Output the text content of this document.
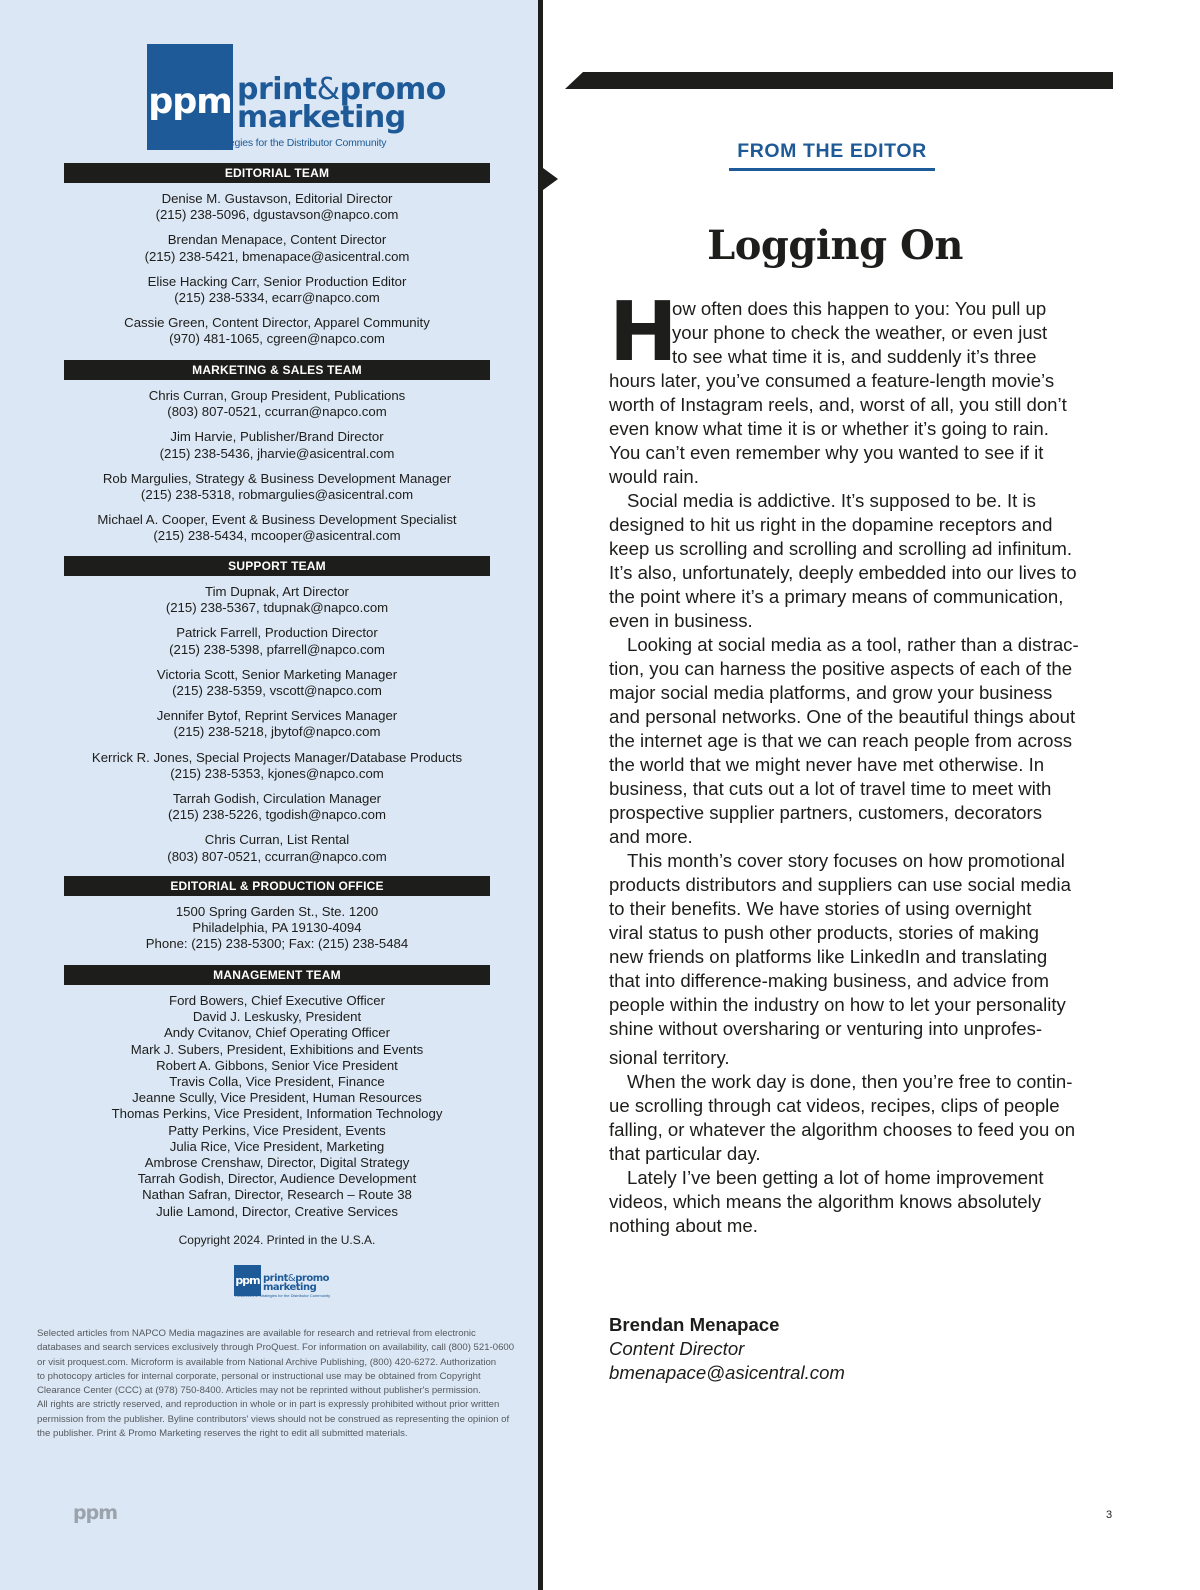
ppm print&promo
marketing
Resources & Strategies for the Distributor Community
EDITORIAL TEAM
Denise M. Gustavson, Editorial Director
(215) 238-5096, dgustavson@napco.com
Brendan Menapace, Content Director
(215) 238-5421, bmenapace@asicentral.com
Elise Hacking Carr, Senior Production Editor
(215) 238-5334, ecarr@napco.com
Cassie Green, Content Director, Apparel Community
(970) 481-1065, cgreen@napco.com
MARKETING & SALES TEAM
Chris Curran, Group President, Publications
(803) 807-0521, ccurran@napco.com
Jim Harvie, Publisher/Brand Director
(215) 238-5436, jharvie@asicentral.com
Rob Margulies, Strategy & Business Development Manager
(215) 238-5318, robmargulies@asicentral.com
Michael A. Cooper, Event & Business Development Specialist
(215) 238-5434, mcooper@asicentral.com
SUPPORT TEAM
Tim Dupnak, Art Director
(215) 238-5367, tdupnak@napco.com
Patrick Farrell, Production Director
(215) 238-5398, pfarrell@napco.com
Victoria Scott, Senior Marketing Manager
(215) 238-5359, vscott@napco.com
Jennifer Bytof, Reprint Services Manager
(215) 238-5218, jbytof@napco.com
Kerrick R. Jones, Special Projects Manager/Database Products
(215) 238-5353, kjones@napco.com
Tarrah Godish, Circulation Manager
(215) 238-5226, tgodish@napco.com
Chris Curran, List Rental
(803) 807-0521, ccurran@napco.com
EDITORIAL & PRODUCTION OFFICE
1500 Spring Garden St., Ste. 1200
Philadelphia, PA 19130-4094
Phone: (215) 238-5300; Fax: (215) 238-5484
MANAGEMENT TEAM
Ford Bowers, Chief Executive Officer
David J. Leskusky, President
Andy Cvitanov, Chief Operating Officer
Mark J. Subers, President, Exhibitions and Events
Robert A. Gibbons, Senior Vice President
Travis Colla, Vice President, Finance
Jeanne Scully, Vice President, Human Resources
Thomas Perkins, Vice President, Information Technology
Patty Perkins, Vice President, Events
Julia Rice, Vice President, Marketing
Ambrose Crenshaw, Director, Digital Strategy
Tarrah Godish, Director, Audience Development
Nathan Safran, Director, Research – Route 38
Julie Lamond, Director, Creative Services
Copyright 2024. Printed in the U.S.A.
ppm print&promo
marketing
Resources & Strategies for the Distributor Community
Selected articles from NAPCO Media magazines are available for research and retrieval from electronic
databases and search services exclusively through ProQuest. For information on availability, call (800) 521-0600
or visit proquest.com. Microform is available from National Archive Publishing, (800) 420-6272. Authorization
to photocopy articles for internal corporate, personal or instructional use may be obtained from Copyright
Clearance Center (CCC) at (978) 750-8400. Articles may not be reprinted without publisher's permission.
All rights are strictly reserved, and reproduction in whole or in part is expressly prohibited without prior written
permission from the publisher. Byline contributors' views should not be construed as representing the opinion of
the publisher. Print & Promo Marketing reserves the right to edit all submitted materials.
ppm
FROM THE EDITOR
Logging On
H
ow often does this happen to you: You pull up
your phone to check the weather, or even just
to see what time it is, and suddenly it’s three
hours later, you’ve consumed a feature-length movie’s
worth of Instagram reels, and, worst of all, you still don’t
even know what time it is or whether it’s going to rain.
You can’t even remember why you wanted to see if it
would rain.
Social media is addictive. It’s supposed to be. It is
designed to hit us right in the dopamine receptors and
keep us scrolling and scrolling and scrolling ad infinitum.
It’s also, unfortunately, deeply embedded into our lives to
the point where it’s a primary means of communication,
even in business.
Looking at social media as a tool, rather than a distrac-
tion, you can harness the positive aspects of each of the
major social media platforms, and grow your business
and personal networks. One of the beautiful things about
the internet age is that we can reach people from across
the world that we might never have met otherwise. In
business, that cuts out a lot of travel time to meet with
prospective supplier partners, customers, decorators
and more.
This month’s cover story focuses on how promotional
products distributors and suppliers can use social media
to their benefits. We have stories of using overnight
viral status to push other products, stories of making
new friends on platforms like LinkedIn and translating
that into difference-making business, and advice from
people within the industry on how to let your personality
shine without oversharing or venturing into unprofes-
sional territory.
When the work day is done, then you’re free to contin-
ue scrolling through cat videos, recipes, clips of people
falling, or whatever the algorithm chooses to feed you on
that particular day.
Lately I’ve been getting a lot of home improvement
videos, which means the algorithm knows absolutely
nothing about me.
Brendan Menapace
Content Director
bmenapace@asicentral.com
3
